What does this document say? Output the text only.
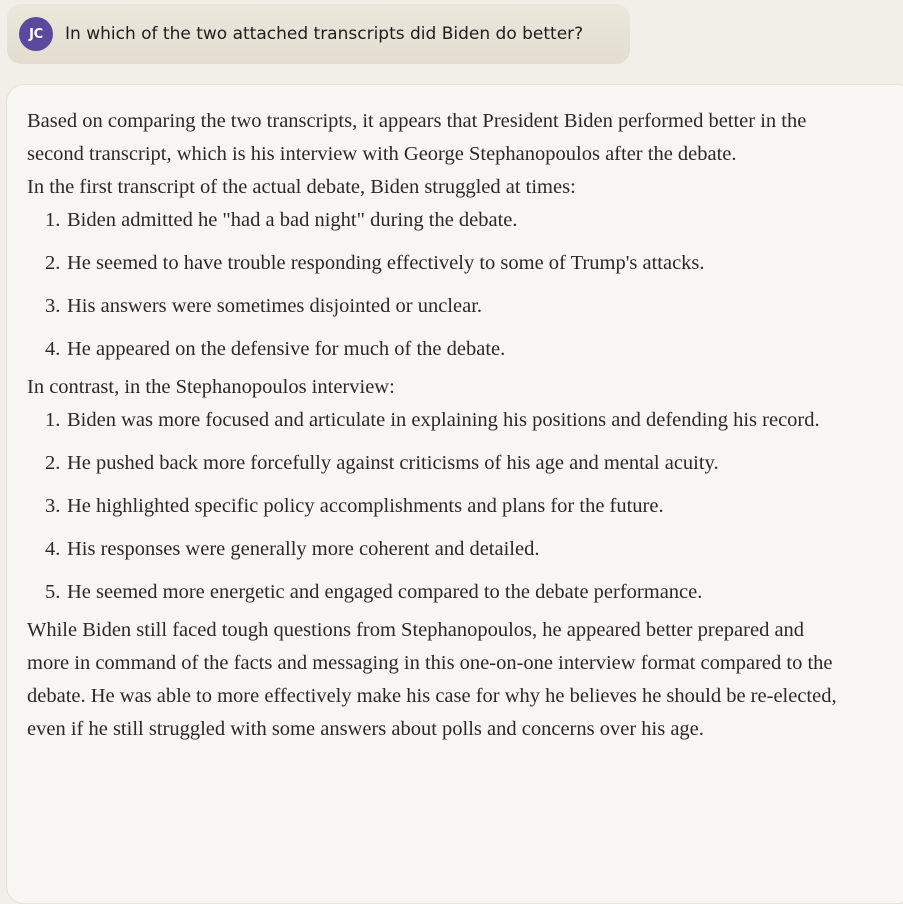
JC	In which of the two attached transcripts did Biden do better?

Based on comparing the two transcripts, it appears that President Biden performed better in the second transcript, which is his interview with George Stephanopoulos after the debate.

In the first transcript of the actual debate, Biden struggled at times:

1. Biden admitted he "had a bad night" during the debate.
2. He seemed to have trouble responding effectively to some of Trump's attacks.
3. His answers were sometimes disjointed or unclear.
4. He appeared on the defensive for much of the debate.

In contrast, in the Stephanopoulos interview:

1. Biden was more focused and articulate in explaining his positions and defending his record.
2. He pushed back more forcefully against criticisms of his age and mental acuity.
3. He highlighted specific policy accomplishments and plans for the future.
4. His responses were generally more coherent and detailed.
5. He seemed more energetic and engaged compared to the debate performance.

While Biden still faced tough questions from Stephanopoulos, he appeared better prepared and more in command of the facts and messaging in this one-on-one interview format compared to the debate. He was able to more effectively make his case for why he believes he should be re-elected, even if he still struggled with some answers about polls and concerns over his age.
